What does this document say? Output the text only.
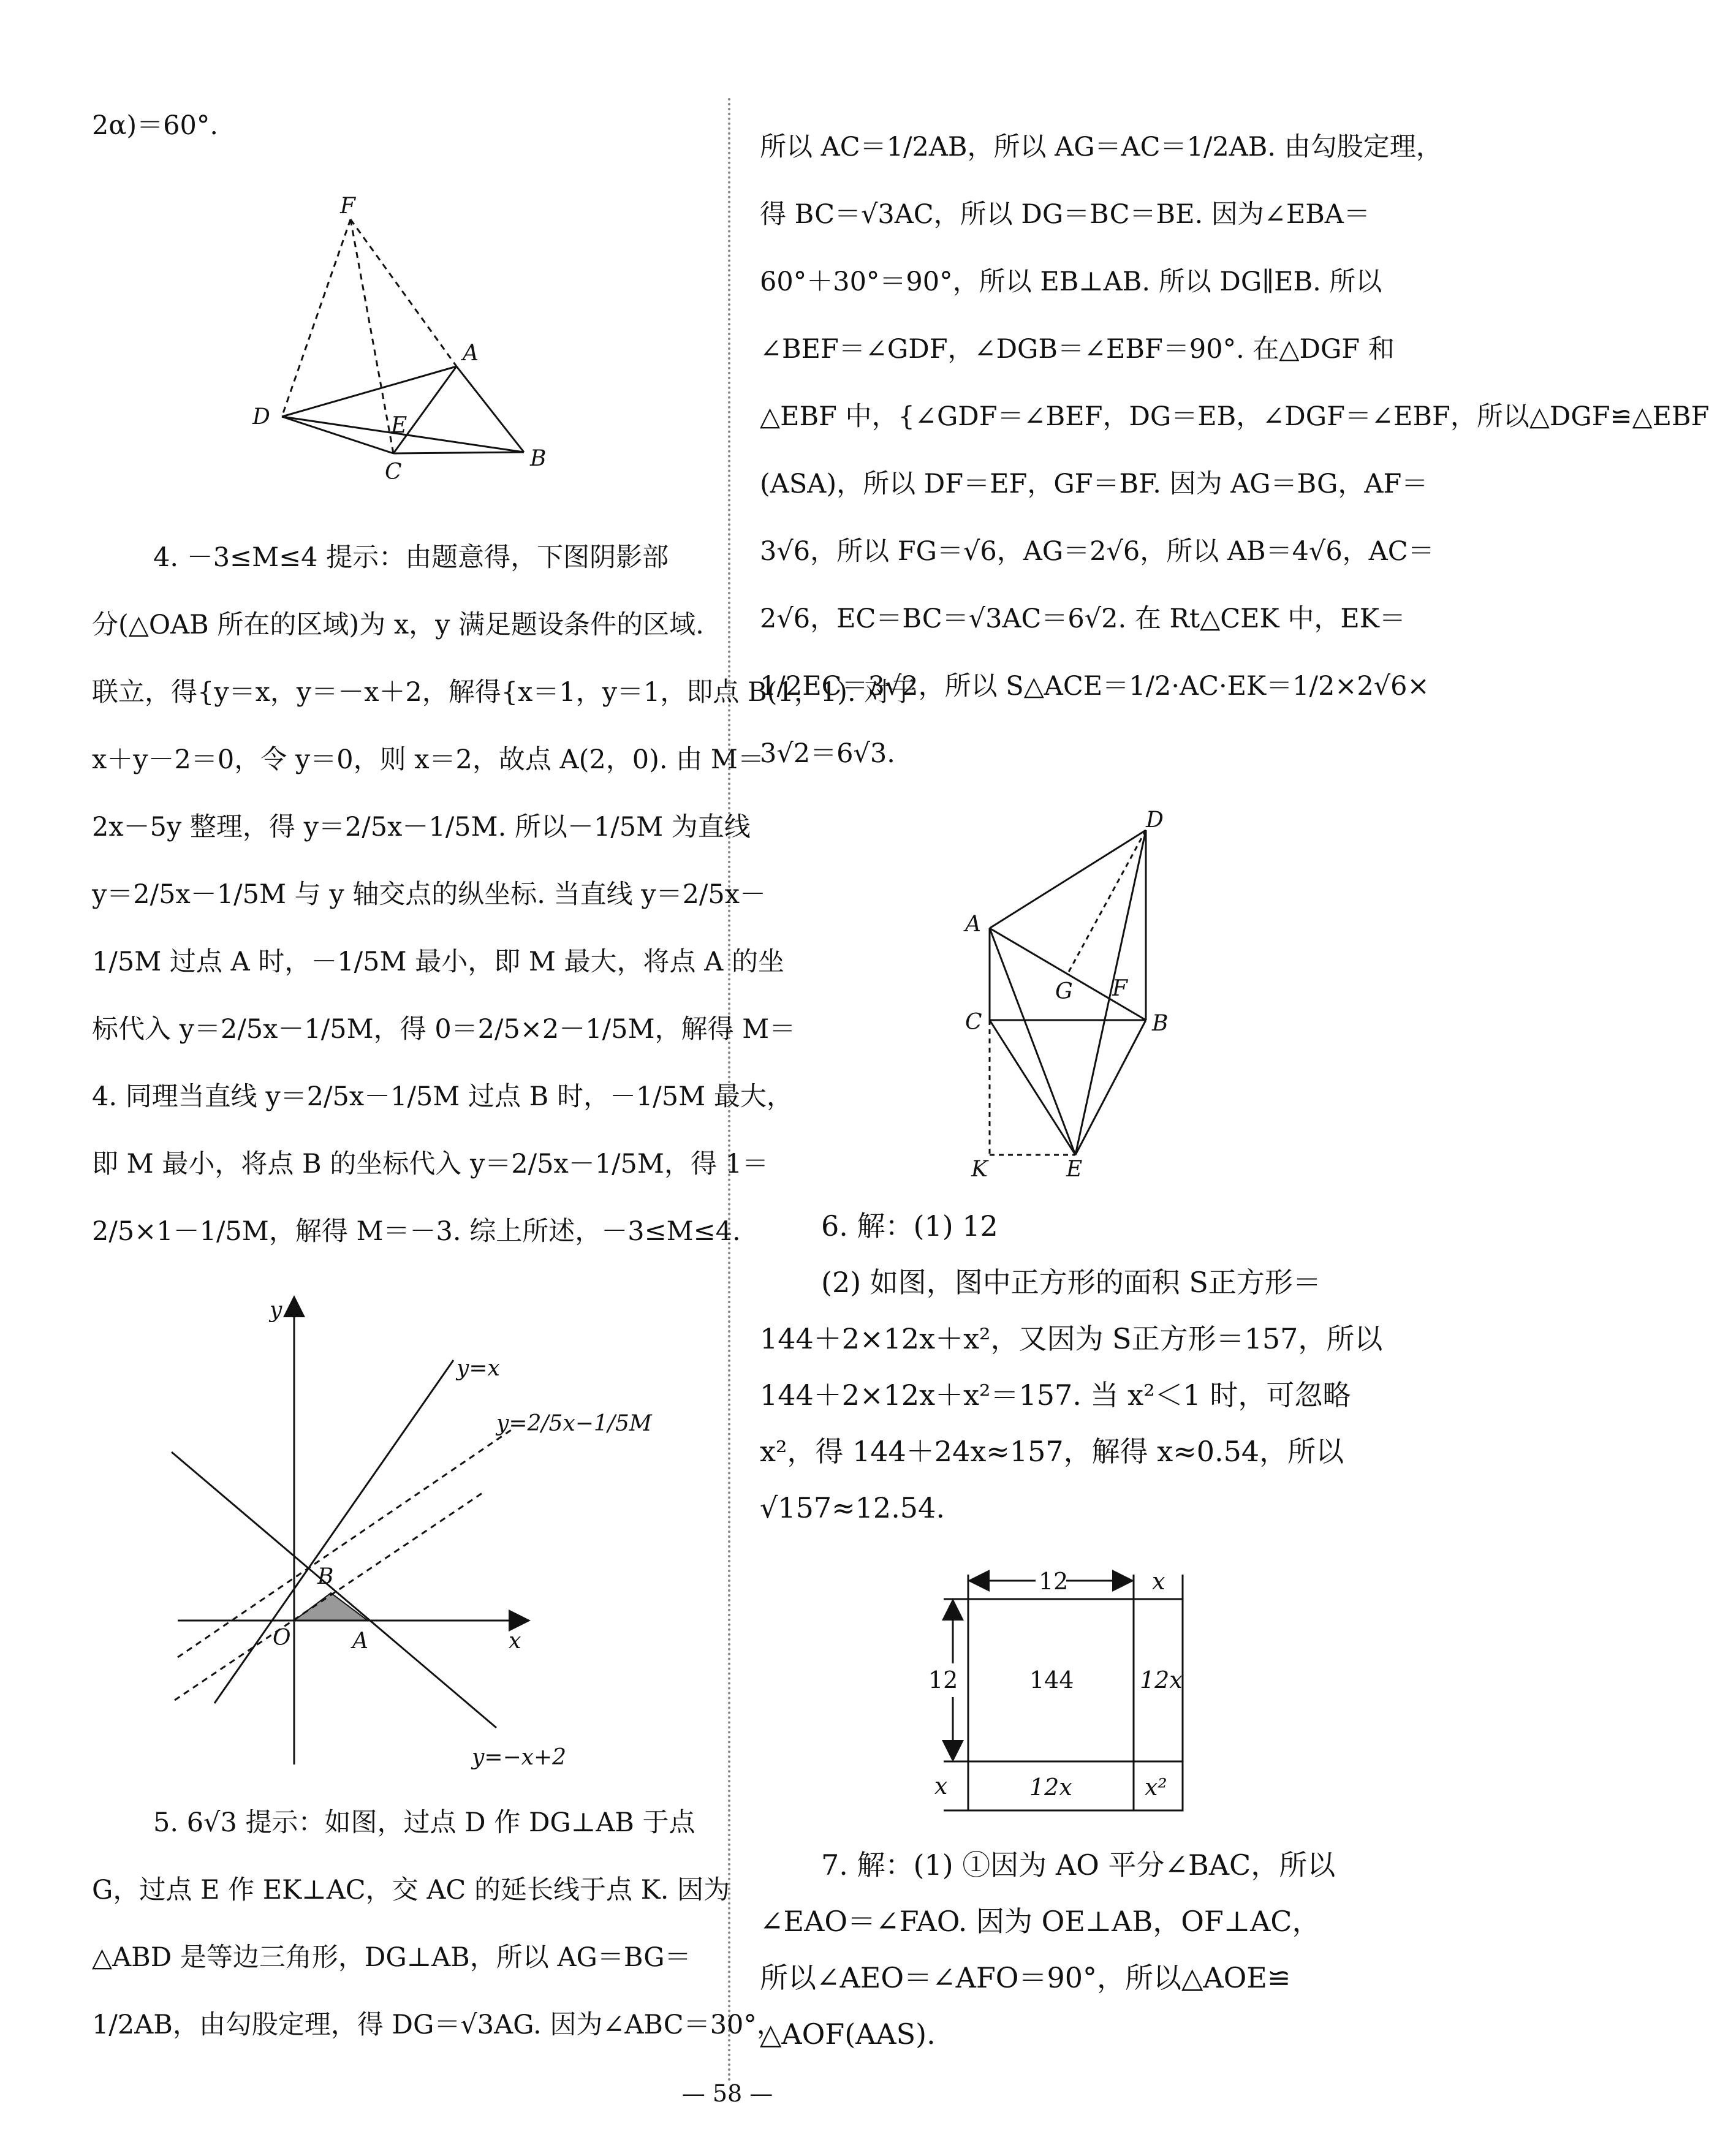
2α)＝60°.
F
A
D	E
B
C
4. －3≤M≤4 提示：由题意得，下图阴影部
分(△OAB 所在的区域)为 x，y 满足题设条件的区域.
联立，得{y＝x，y＝－x＋2，解得{x＝1，y＝1，即点 B(1，1). 对于
x＋y－2＝0，令 y＝0，则 x＝2，故点 A(2，0). 由 M＝
2x－5y 整理，得 y＝2/5x－1/5M. 所以－1/5M 为直线
y＝2/5x－1/5M 与 y 轴交点的纵坐标. 当直线 y＝2/5x－
1/5M 过点 A 时，－1/5M 最小，即 M 最大，将点 A 的坐
标代入 y＝2/5x－1/5M，得 0＝2/5×2－1/5M，解得 M＝
4. 同理当直线 y＝2/5x－1/5M 过点 B 时，－1/5M 最大，
即 M 最小，将点 B 的坐标代入 y＝2/5x－1/5M，得 1＝
2/5×1－1/5M，解得 M＝－3. 综上所述，－3≤M≤4.
y
x
O	A
B
y=x
y=2/5x−1/5M
y=−x+2
5. 6√3 提示：如图，过点 D 作 DG⊥AB 于点
G，过点 E 作 EK⊥AC，交 AC 的延长线于点 K. 因为
△ABD 是等边三角形，DG⊥AB，所以 AG＝BG＝
1/2AB，由勾股定理，得 DG＝√3AG. 因为∠ABC＝30°，
所以 AC＝1/2AB，所以 AG＝AC＝1/2AB. 由勾股定理，
得 BC＝√3AC，所以 DG＝BC＝BE. 因为∠EBA＝
60°＋30°＝90°，所以 EB⊥AB. 所以 DG∥EB. 所以
∠BEF＝∠GDF，∠DGB＝∠EBF＝90°. 在△DGF 和
△EBF 中，{∠GDF＝∠BEF，DG＝EB，∠DGF＝∠EBF，所以△DGF≌△EBF
(ASA)，所以 DF＝EF，GF＝BF. 因为 AG＝BG，AF＝
3√6，所以 FG＝√6，AG＝2√6，所以 AB＝4√6，AC＝
2√6，EC＝BC＝√3AC＝6√2. 在 Rt△CEK 中，EK＝
1/2EC＝3√2，所以 S△ACE＝1/2·AC·EK＝1/2×2√6×
3√2＝6√3.
D
A
G F
C	B
K	E
6. 解：(1) 12
(2) 如图，图中正方形的面积 S正方形＝
144＋2×12x＋x²，又因为 S正方形＝157，所以
144＋2×12x＋x²＝157. 当 x²＜1 时，可忽略
x²，得 144＋24x≈157，解得 x≈0.54，所以
√157≈12.54.
12	x
12
x
144	12x
12x	x²
7. 解：(1) ①因为 AO 平分∠BAC，所以
∠EAO＝∠FAO. 因为 OE⊥AB，OF⊥AC，
所以∠AEO＝∠AFO＝90°，所以△AOE≌
△AOF(AAS).
— 58 —
